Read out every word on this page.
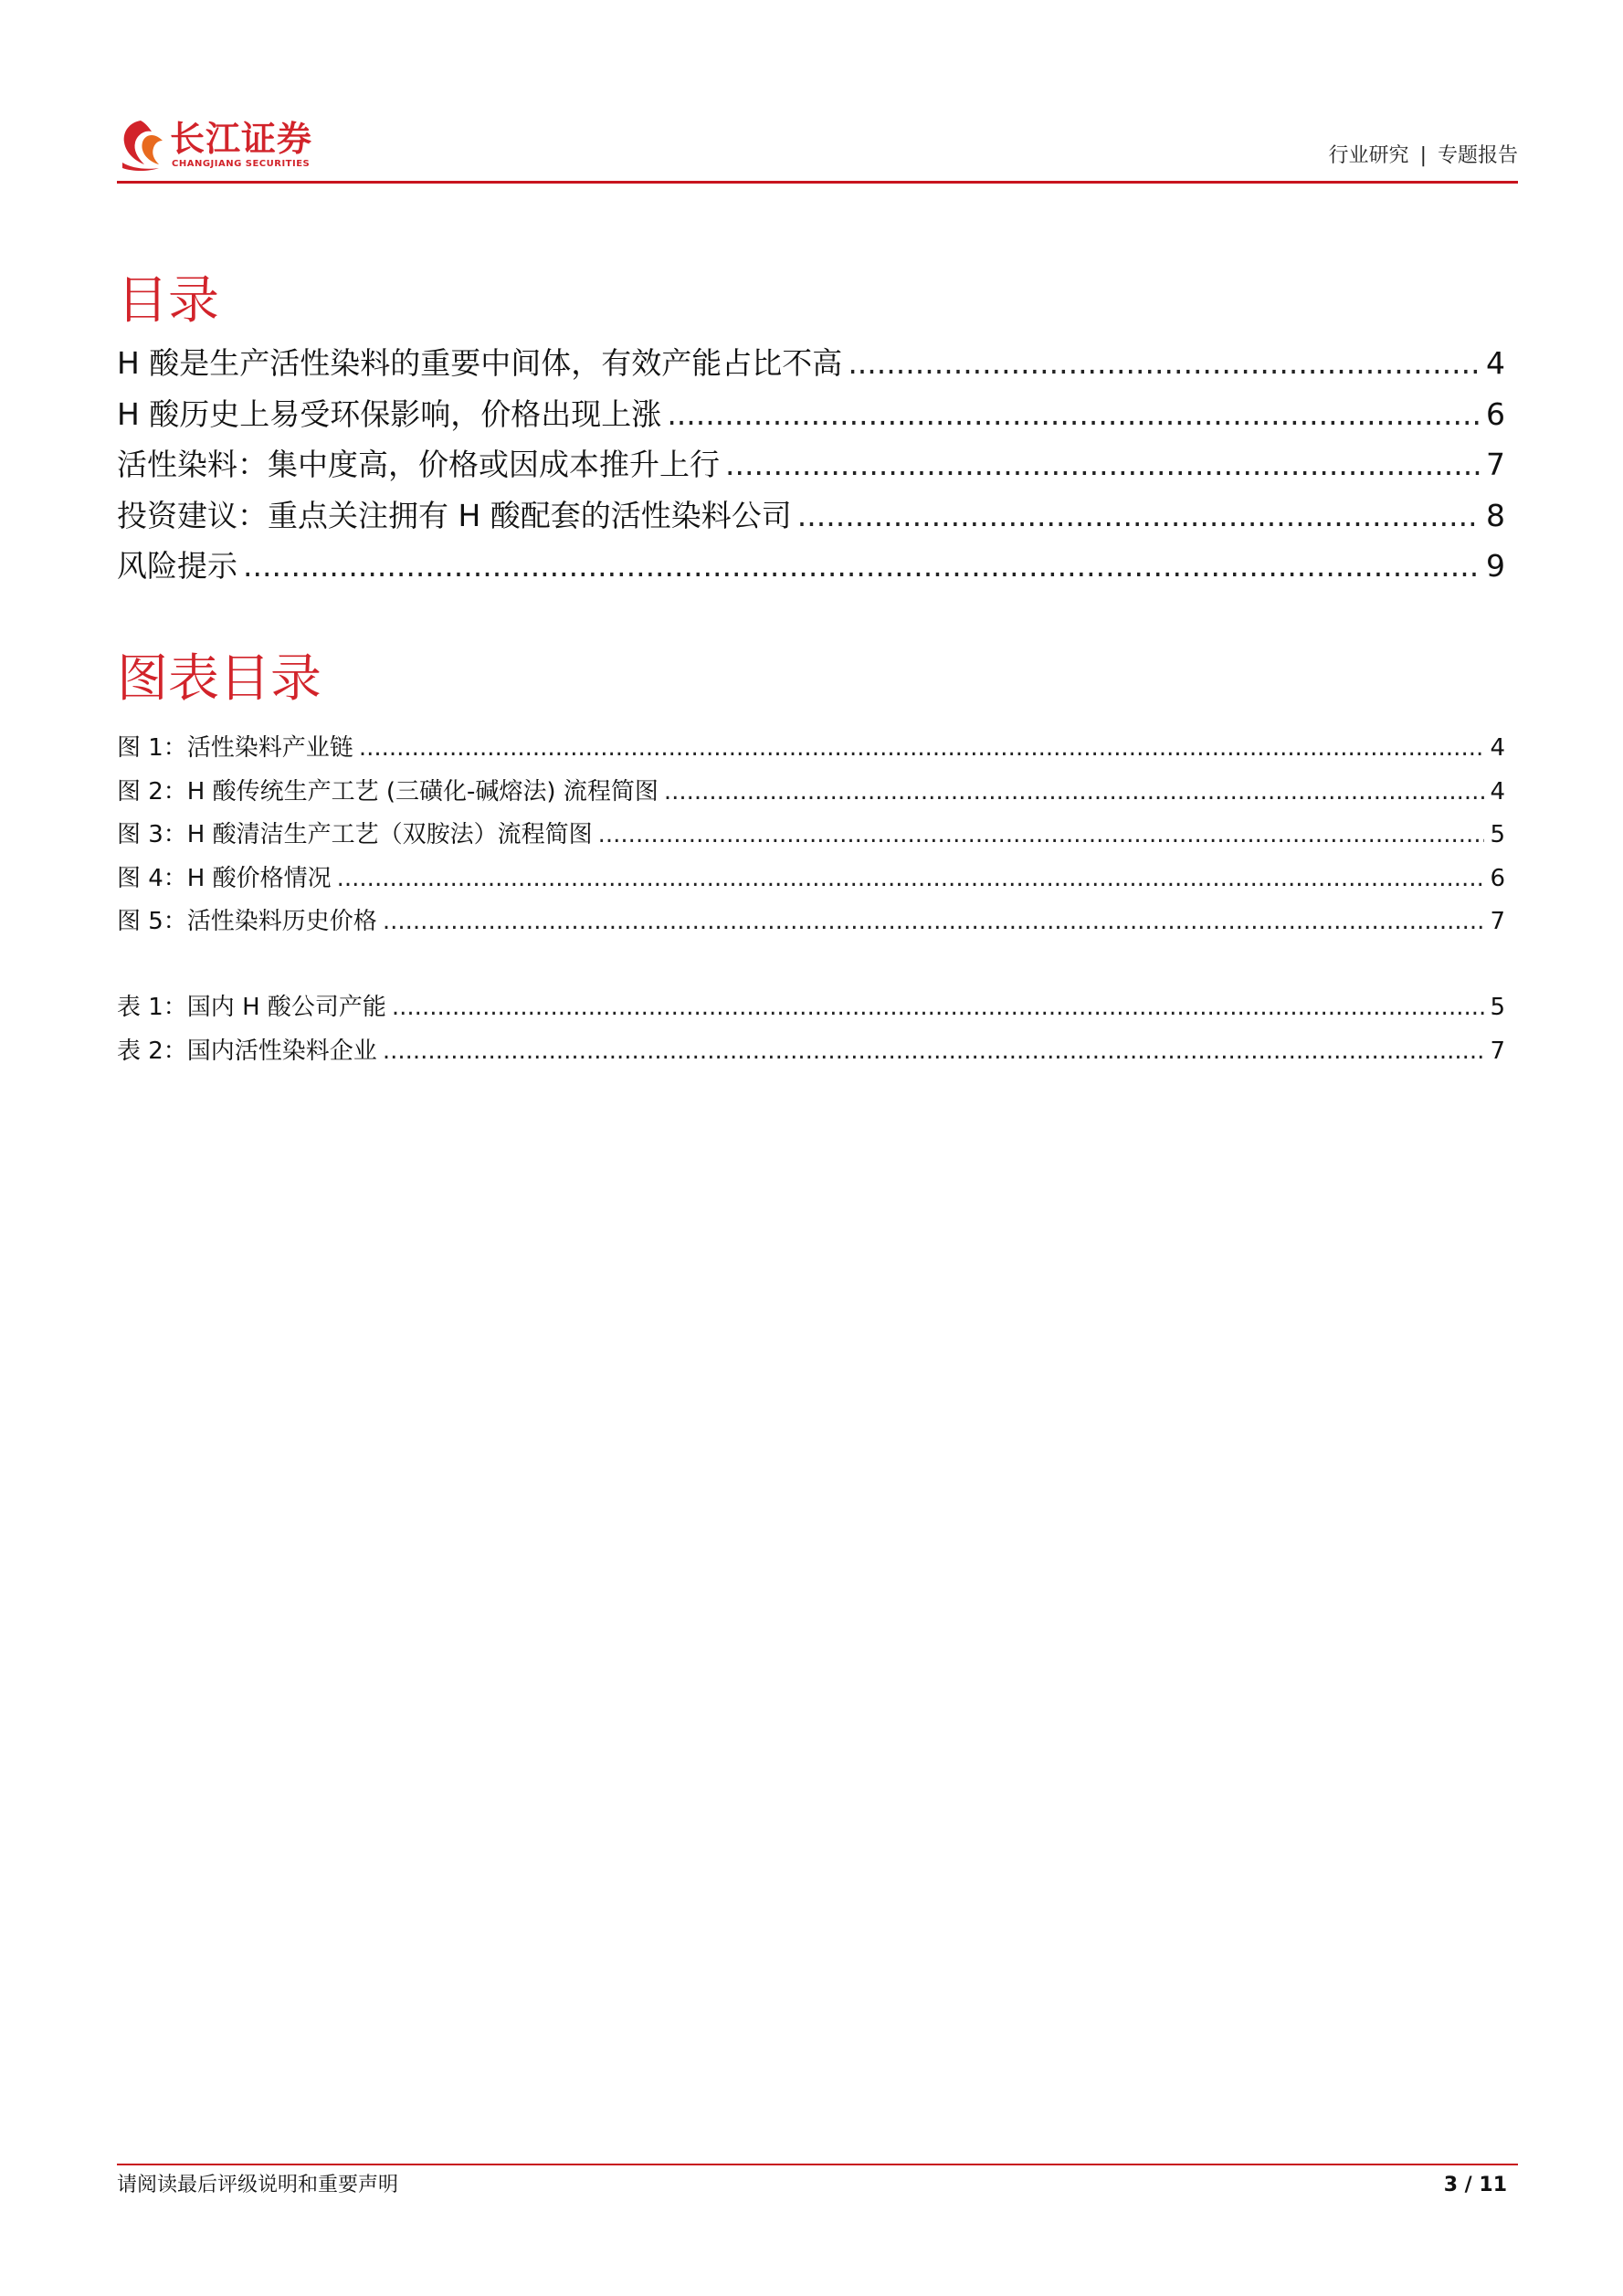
长江证券
CHANGJIANG SECURITIES	行业研究 | 专题报告
目录
H 酸是生产活性染料的重要中间体，有效产能占比不高 .....	4
H 酸历史上易受环保影响，价格出现上涨 .....	6
活性染料：集中度高，价格或因成本推升上行 .....	7
投资建议：重点关注拥有 H 酸配套的活性染料公司 .....	8
风险提示 .....	9
图表目录
图 1：活性染料产业链 .....	4
图 2：H 酸传统生产工艺 (三磺化-碱熔法) 流程简图 .....	4
图 3：H 酸清洁生产工艺（双胺法）流程简图 .....	5
图 4：H 酸价格情况 .....	6
图 5：活性染料历史价格 .....	7
表 1：国内 H 酸公司产能 .....	5
表 2：国内活性染料企业 .....	7
请阅读最后评级说明和重要声明	3 / 11
